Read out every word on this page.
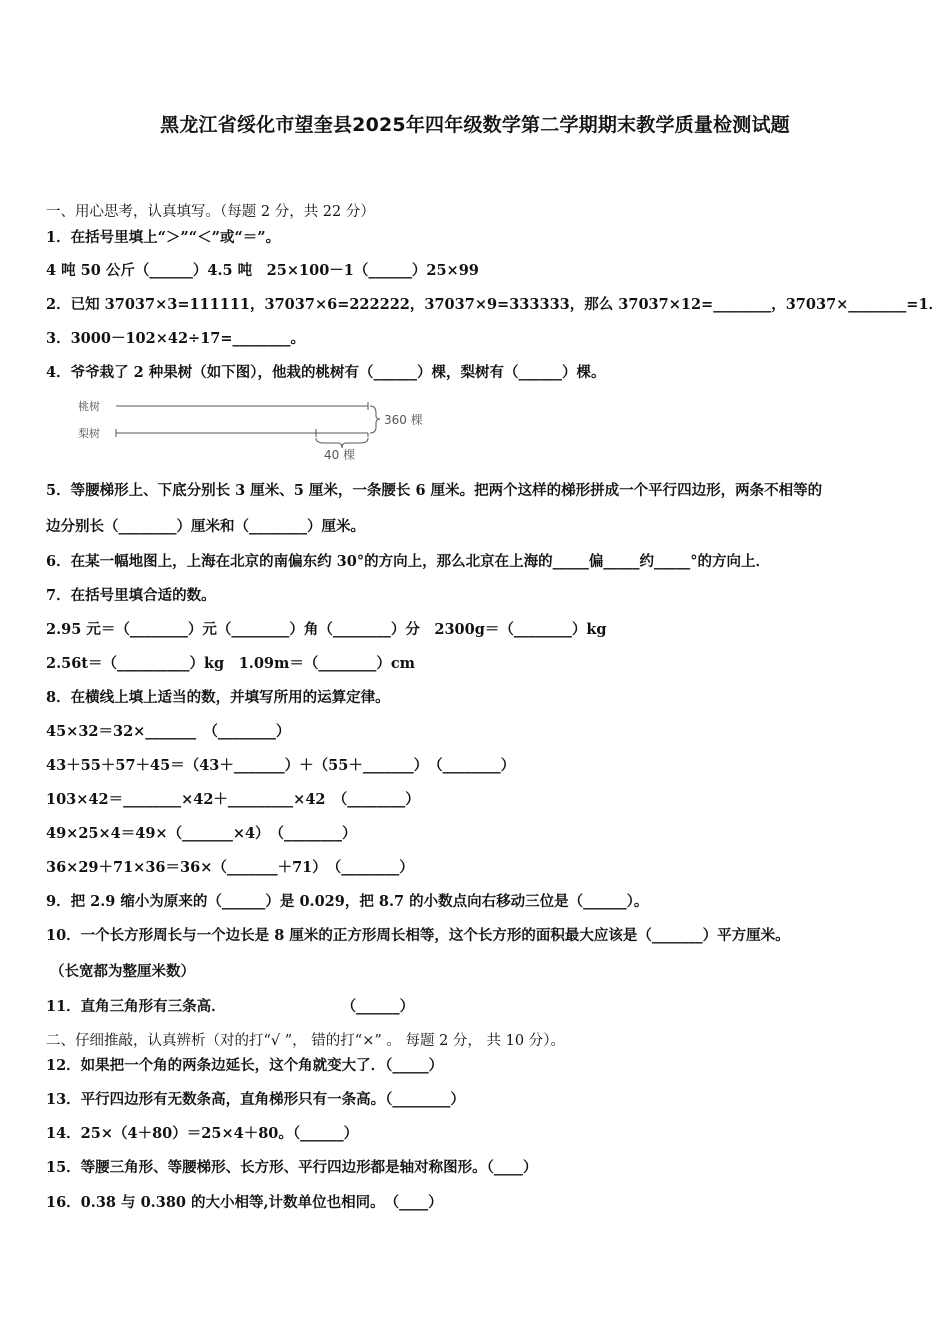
黑龙江省绥化市望奎县2025年四年级数学第二学期期末教学质量检测试题
一、用心思考，认真填写。（每题 2 分，共 22 分）
1．在括号里填上“＞”“＜”或“＝”。
4 吨 50 公斤（______）4.5 吨　25×100－1（______）25×99
2．已知 37037×3=111111，37037×6=222222，37037×9=333333，那么 37037×12=________，37037×________=1．
3．3000－102×42÷17=________。
4．爷爷栽了 2 种果树（如下图），他栽的桃树有（______）棵，梨树有（______）棵。
桃树
梨树
360 棵
40 棵
5．等腰梯形上、下底分别长 3 厘米、5 厘米，一条腰长 6 厘米。把两个这样的梯形拼成一个平行四边形，两条不相等的
边分别长（________）厘米和（________）厘米。
6．在某一幅地图上，上海在北京的南偏东约 30°的方向上，那么北京在上海的_____偏_____约_____°的方向上．
7．在括号里填合适的数。
2.95 元＝（________）元（________）角（________）分　2300g＝（________）kg
2.56t＝（__________）kg　1.09m＝（________）cm
8．在横线上填上适当的数，并填写所用的运算定律。
45×32＝32×_______　（________）
43＋55＋57＋45＝（43＋_______）＋（55＋_______）　（________）
103×42＝________×42＋_________×42　（________）
49×25×4＝49×（_______×4）　（________）
36×29＋71×36＝36×（_______＋71）　（________）
9．把 2.9 缩小为原来的（______）是 0.029，把 8.7 的小数点向右移动三位是（______）。
10．一个长方形周长与一个边长是 8 厘米的正方形周长相等，这个长方形的面积最大应该是（_______）平方厘米。
（长宽都为整厘米数）
11．直角三角形有三条高．　　　　　　　　　（______）
二、仔细推敲，认真辨析（对的打“√ ”， 错的打“×” 。 每题 2 分， 共 10 分）。
12．如果把一个角的两条边延长，这个角就变大了．（_____）
13．平行四边形有无数条高，直角梯形只有一条高。（________）
14．25×（4＋80）＝25×4＋80。（______）
15．等腰三角形、等腰梯形、长方形、平行四边形都是轴对称图形。（____）
16．0.38 与 0.380 的大小相等,计数单位也相同。　（____）
